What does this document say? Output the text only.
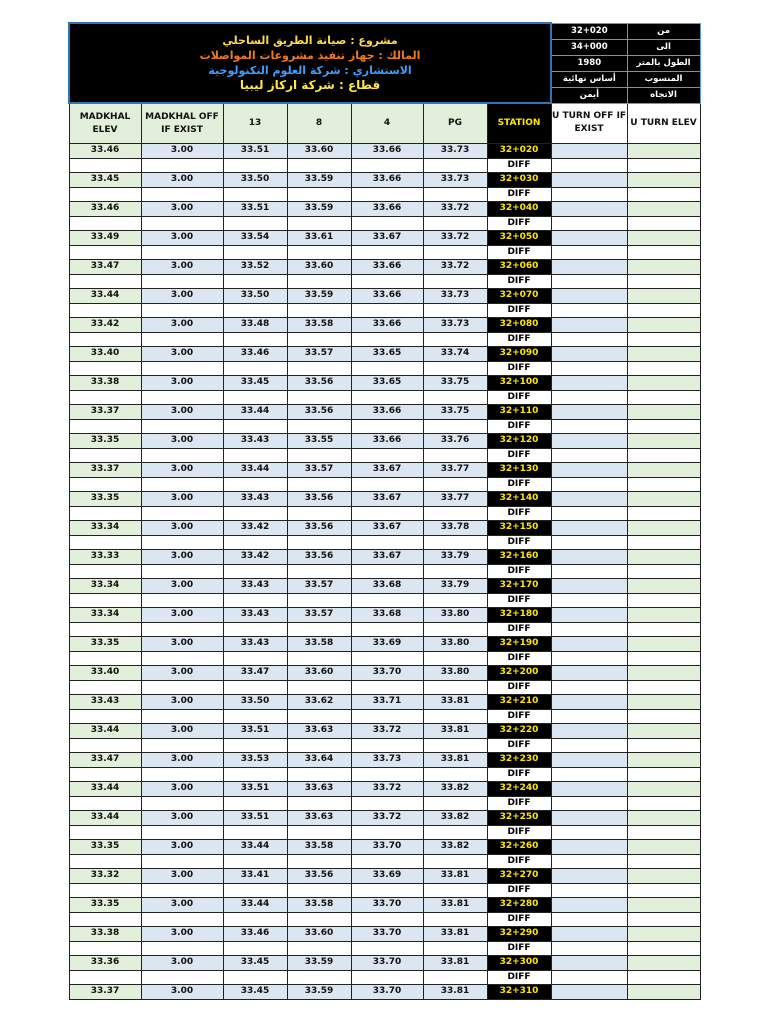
مشروع : صيانة الطريق الساحلي
المالك : جهاز تنفيذ مشروعات المواصلات
الاستشاري : شركة العلوم التكنولوجية
قطاع : شركة اركاز ليبيا							32+020	من
							34+000	الى
							1980	الطول بالمتر
							أساس نهائية	المنسوب
							أيمن	الاتجاه
MADKHAL ELEV	MADKHAL OFF IF EXIST	13	8	4	PG	STATION	U TURN OFF IF EXIST	U TURN ELEV
33.46	3.00	33.51	33.60	33.66	33.73	32+020		
						DIFF		
33.45	3.00	33.50	33.59	33.66	33.73	32+030		
						DIFF		
33.46	3.00	33.51	33.59	33.66	33.72	32+040		
						DIFF		
33.49	3.00	33.54	33.61	33.67	33.72	32+050		
						DIFF		
33.47	3.00	33.52	33.60	33.66	33.72	32+060		
						DIFF		
33.44	3.00	33.50	33.59	33.66	33.73	32+070		
						DIFF		
33.42	3.00	33.48	33.58	33.66	33.73	32+080		
						DIFF		
33.40	3.00	33.46	33.57	33.65	33.74	32+090		
						DIFF		
33.38	3.00	33.45	33.56	33.65	33.75	32+100		
						DIFF		
33.37	3.00	33.44	33.56	33.66	33.75	32+110		
						DIFF		
33.35	3.00	33.43	33.55	33.66	33.76	32+120		
						DIFF		
33.37	3.00	33.44	33.57	33.67	33.77	32+130		
						DIFF		
33.35	3.00	33.43	33.56	33.67	33.77	32+140		
						DIFF		
33.34	3.00	33.42	33.56	33.67	33.78	32+150		
						DIFF		
33.33	3.00	33.42	33.56	33.67	33.79	32+160		
						DIFF		
33.34	3.00	33.43	33.57	33.68	33.79	32+170		
						DIFF		
33.34	3.00	33.43	33.57	33.68	33.80	32+180		
						DIFF		
33.35	3.00	33.43	33.58	33.69	33.80	32+190		
						DIFF		
33.40	3.00	33.47	33.60	33.70	33.80	32+200		
						DIFF		
33.43	3.00	33.50	33.62	33.71	33.81	32+210		
						DIFF		
33.44	3.00	33.51	33.63	33.72	33.81	32+220		
						DIFF		
33.47	3.00	33.53	33.64	33.73	33.81	32+230		
						DIFF		
33.44	3.00	33.51	33.63	33.72	33.82	32+240		
						DIFF		
33.44	3.00	33.51	33.63	33.72	33.82	32+250		
						DIFF		
33.35	3.00	33.44	33.58	33.70	33.82	32+260		
						DIFF		
33.32	3.00	33.41	33.56	33.69	33.81	32+270		
						DIFF		
33.35	3.00	33.44	33.58	33.70	33.81	32+280		
						DIFF		
33.38	3.00	33.46	33.60	33.70	33.81	32+290		
						DIFF		
33.36	3.00	33.45	33.59	33.70	33.81	32+300		
						DIFF		
33.37	3.00	33.45	33.59	33.70	33.81	32+310		
